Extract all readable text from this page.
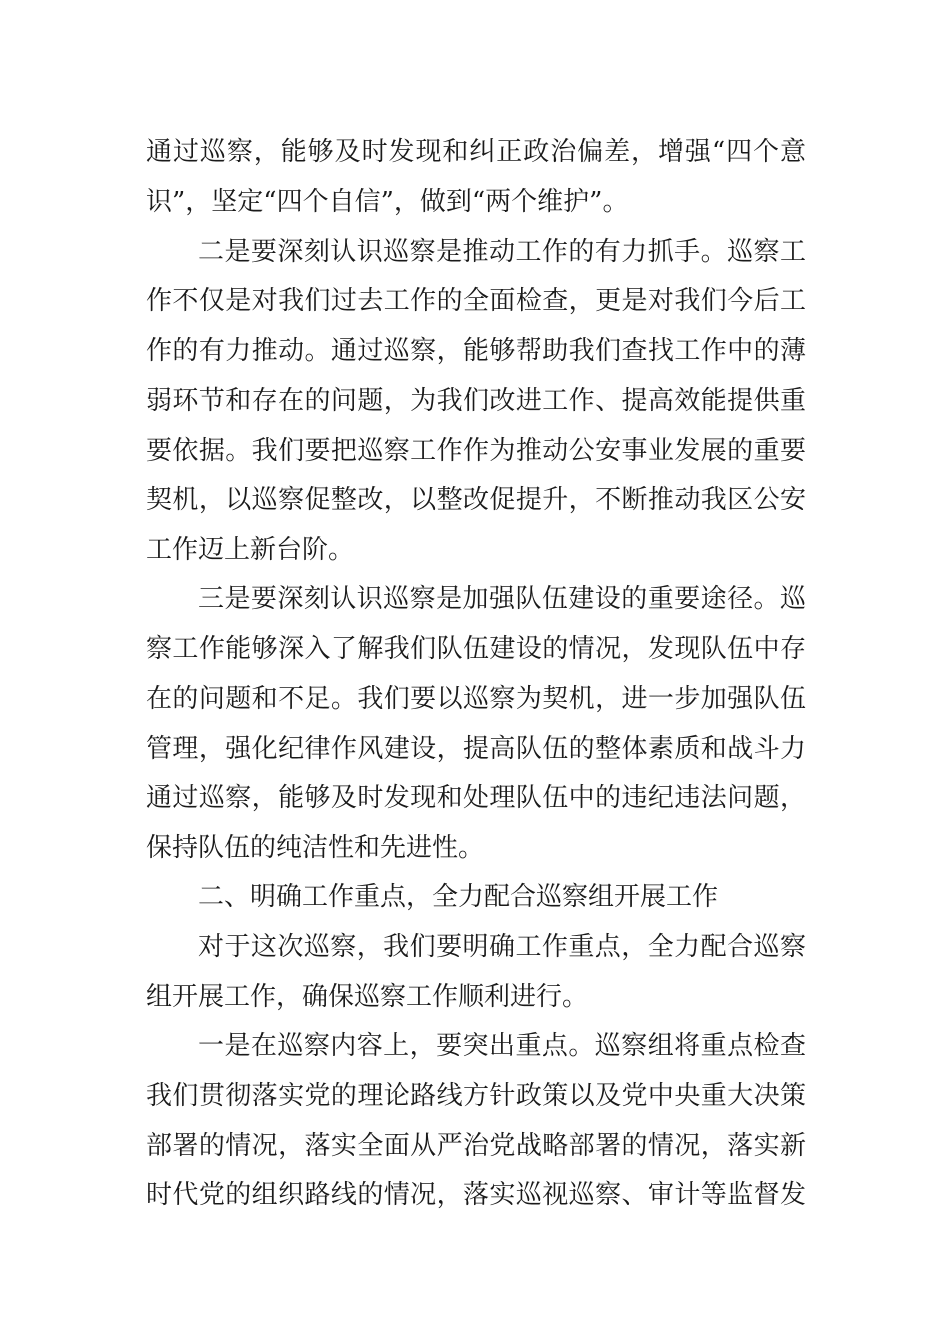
通过巡察，能够及时发现和纠正政治偏差，增强“四个意
识”，坚定“四个自信”，做到“两个维护”。
二是要深刻认识巡察是推动工作的有力抓手。巡察工
作不仅是对我们过去工作的全面检查，更是对我们今后工
作的有力推动。通过巡察，能够帮助我们查找工作中的薄
弱环节和存在的问题，为我们改进工作、提高效能提供重
要依据。我们要把巡察工作作为推动公安事业发展的重要
契机，以巡察促整改，以整改促提升，不断推动我区公安
工作迈上新台阶。
三是要深刻认识巡察是加强队伍建设的重要途径。巡
察工作能够深入了解我们队伍建设的情况，发现队伍中存
在的问题和不足。我们要以巡察为契机，进一步加强队伍
管理，强化纪律作风建设，提高队伍的整体素质和战斗力
通过巡察，能够及时发现和处理队伍中的违纪违法问题，
保持队伍的纯洁性和先进性。
二、明确工作重点，全力配合巡察组开展工作
对于这次巡察，我们要明确工作重点，全力配合巡察
组开展工作，确保巡察工作顺利进行。
一是在巡察内容上，要突出重点。巡察组将重点检查
我们贯彻落实党的理论路线方针政策以及党中央重大决策
部署的情况，落实全面从严治党战略部署的情况，落实新
时代党的组织路线的情况，落实巡视巡察、审计等监督发
